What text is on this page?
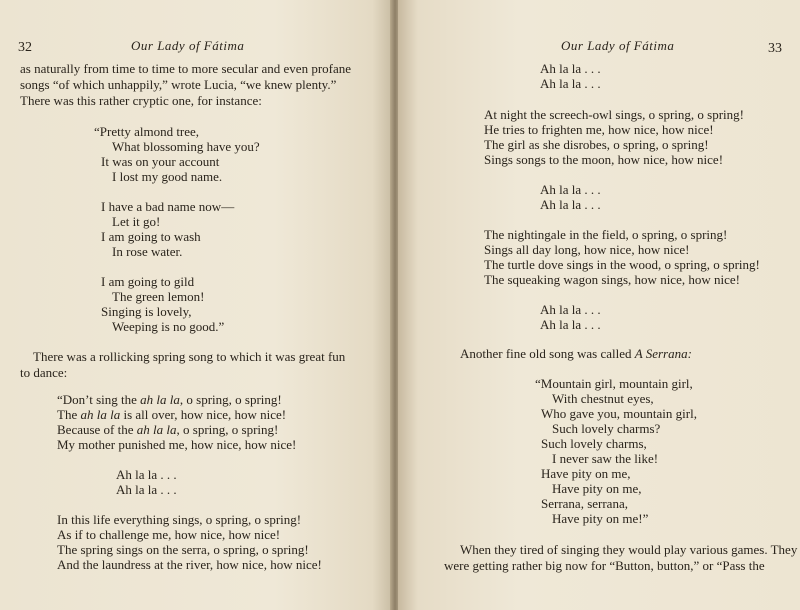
32	Our Lady of Fátima
as naturally from time to time to more secular and even profane
songs “of which unhappily,” wrote Lucia, “we knew plenty.”
There was this rather cryptic one, for instance:
“Pretty almond tree,
What blossoming have you?
It was on your account
I lost my good name.
I have a bad name now—
Let it go!
I am going to wash
In rose water.
I am going to gild
The green lemon!
Singing is lovely,
Weeping is no good.”
There was a rollicking spring song to which it was great fun
to dance:
“Don’t sing the ah la la, o spring, o spring!
The ah la la is all over, how nice, how nice!
Because of the ah la la, o spring, o spring!
My mother punished me, how nice, how nice!
Ah la la . . .
Ah la la . . .
In this life everything sings, o spring, o spring!
As if to challenge me, how nice, how nice!
The spring sings on the serra, o spring, o spring!
And the laundress at the river, how nice, how nice!
Our Lady of Fátima	33
Ah la la . . .
Ah la la . . .
At night the screech-owl sings, o spring, o spring!
He tries to frighten me, how nice, how nice!
The girl as she disrobes, o spring, o spring!
Sings songs to the moon, how nice, how nice!
Ah la la . . .
Ah la la . . .
The nightingale in the field, o spring, o spring!
Sings all day long, how nice, how nice!
The turtle dove sings in the wood, o spring, o spring!
The squeaking wagon sings, how nice, how nice!
Ah la la . . .
Ah la la . . .
Another fine old song was called A Serrana:
“Mountain girl, mountain girl,
With chestnut eyes,
Who gave you, mountain girl,
Such lovely charms?
Such lovely charms,
I never saw the like!
Have pity on me,
Have pity on me,
Serrana, serrana,
Have pity on me!”
When they tired of singing they would play various games. They
were getting rather big now for “Button, button,” or “Pass the
